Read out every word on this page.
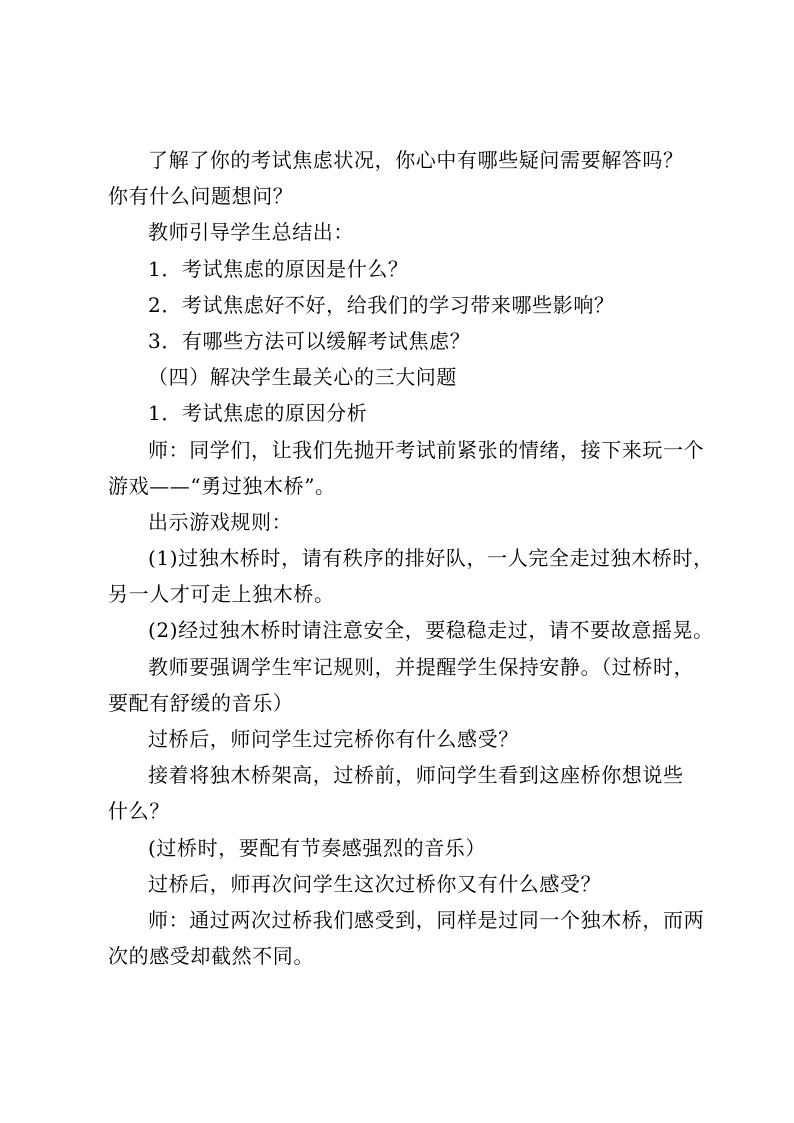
了解了你的考试焦虑状况，你心中有哪些疑问需要解答吗？
你有什么问题想问？
教师引导学生总结出：
1．考试焦虑的原因是什么？
2．考试焦虑好不好，给我们的学习带来哪些影响？
3．有哪些方法可以缓解考试焦虑？
（四）解决学生最关心的三大问题
1．考试焦虑的原因分析
师：同学们，让我们先抛开考试前紧张的情绪，接下来玩一个
游戏——“勇过独木桥”。
出示游戏规则：
(1)过独木桥时，请有秩序的排好队，一人完全走过独木桥时，
另一人才可走上独木桥。
(2)经过独木桥时请注意安全，要稳稳走过，请不要故意摇晃。
教师要强调学生牢记规则，并提醒学生保持安静。（过桥时，
要配有舒缓的音乐）
过桥后，师问学生过完桥你有什么感受？
接着将独木桥架高，过桥前，师问学生看到这座桥你想说些
什么？
(过桥时，要配有节奏感强烈的音乐）
过桥后，师再次问学生这次过桥你又有什么感受？
师：通过两次过桥我们感受到，同样是过同一个独木桥，而两
次的感受却截然不同。
